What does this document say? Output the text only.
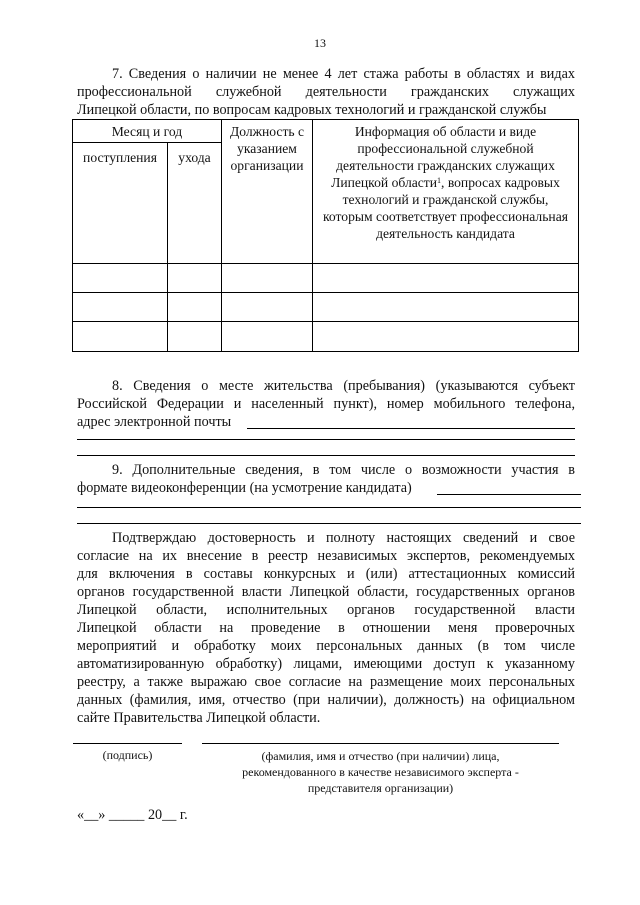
13
7. Сведения о наличии не менее 4 лет стажа работы в областях и видах
профессиональной служебной деятельности гражданских служащих
Липецкой области, по вопросам кадровых технологий и гражданской службы
Месяц и год		Должность с указанием организации	Информация об области и виде профессиональной служебной деятельности гражданских служащих Липецкой области$^1$, вопросах кадровых технологий и гражданской службы, которым соответствует профессиональная деятельность кандидата
поступления	ухода		

8. Сведения о месте жительства (пребывания) (указываются субъект
Российской Федерации и населенный пункт), номер мобильного телефона,
адрес электронной почты
9. Дополнительные сведения, в том числе о возможности участия в
формате видеоконференции (на усмотрение кандидата)
Подтверждаю достоверность и полноту настоящих сведений и свое
согласие на их внесение в реестр независимых экспертов, рекомендуемых
для включения в составы конкурсных и (или) аттестационных комиссий
органов государственной власти Липецкой области, государственных органов
Липецкой области, исполнительных органов государственной власти
Липецкой области на проведение в отношении меня проверочных
мероприятий и обработку моих персональных данных (в том числе
автоматизированную обработку) лицами, имеющими доступ к указанному
реестру, а также выражаю свое согласие на размещение моих персональных
данных (фамилия, имя, отчество (при наличии), должность) на официальном
сайте Правительства Липецкой области.
(подпись)	(фамилия, имя и отчество (при наличии) лица,
рекомендованного в качестве независимого эксперта -
представителя организации)
«__» _____ 20__ г.
